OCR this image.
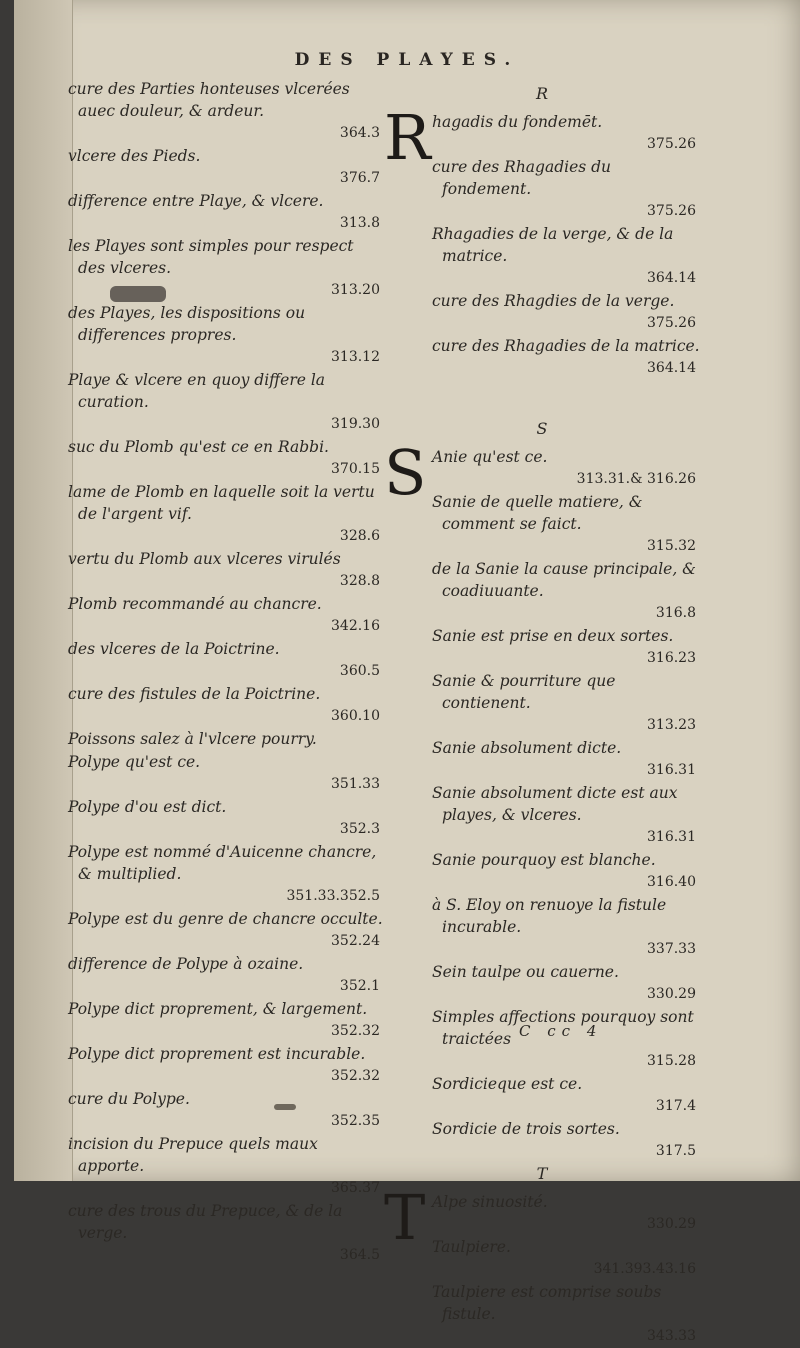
DES PLAYES.
cure des Parties honteuses vlcerées auec douleur, & ardeur.
364.3
vlcere des Pieds.
376.7
difference entre Playe, & vlcere.
313.8
les Playes sont simples pour respect des vlceres.
313.20
des Playes, les dispositions ou differences propres.
313.12
Playe & vlcere en quoy differe la curation.
319.30
suc du Plomb qu'est ce en Rabbi.
370.15
lame de Plomb en laquelle soit la vertu de l'argent vif.
328.6
vertu du Plomb aux vlceres virulés
328.8
Plomb recommandé au chancre.
342.16
des vlceres de la Poictrine.
360.5
cure des fistules de la Poictrine.
360.10
Poissons salez à l'vlcere pourry.
Polype qu'est ce.
351.33
Polype d'ou est dict.
352.3
Polype est nommé d'Auicenne chancre, & multiplied.
351.33.352.5
Polype est du genre de chancre occulte.
352.24
difference de Polype à ozaine.
352.1
Polype dict proprement, & largement.
352.32
Polype dict proprement est incurable.
352.32
cure du Polype.
352.35
incision du Prepuce quels maux apporte.
365.37
cure des trous du Prepuce, & de la verge.
364.5
R
R hagadis du fondemēt.
375.26
cure des Rhagadies du fondement.
375.26
Rhagadies de la verge, & de la matrice.
364.14
cure des Rhagdies de la verge.
375.26
cure des Rhagadies de la matrice.
364.14
S
S Anie qu'est ce.
313.31.& 316.26
Sanie de quelle matiere, & comment se faict.
315.32
de la Sanie la cause principale, & coadiuuante.
316.8
Sanie est prise en deux sortes.
316.23
Sanie & pourriture que contienent.
313.23
Sanie absolument dicte.
316.31
Sanie absolument dicte est aux playes, & vlceres.
316.31
Sanie pourquoy est blanche.
316.40
à S. Eloy on renuoye la fistule incurable.
337.33
Sein taulpe ou cauerne.
330.29
Simples affections pourquoy sont traictées
315.28
Sordicieque est ce.
317.4
Sordicie de trois sortes.
317.5
T
T Alpe sinuosité.
330.29
Taulpiere.
341.393.43.16
Taulpiere est comprise soubs fistule.
343.33
C cc 4
